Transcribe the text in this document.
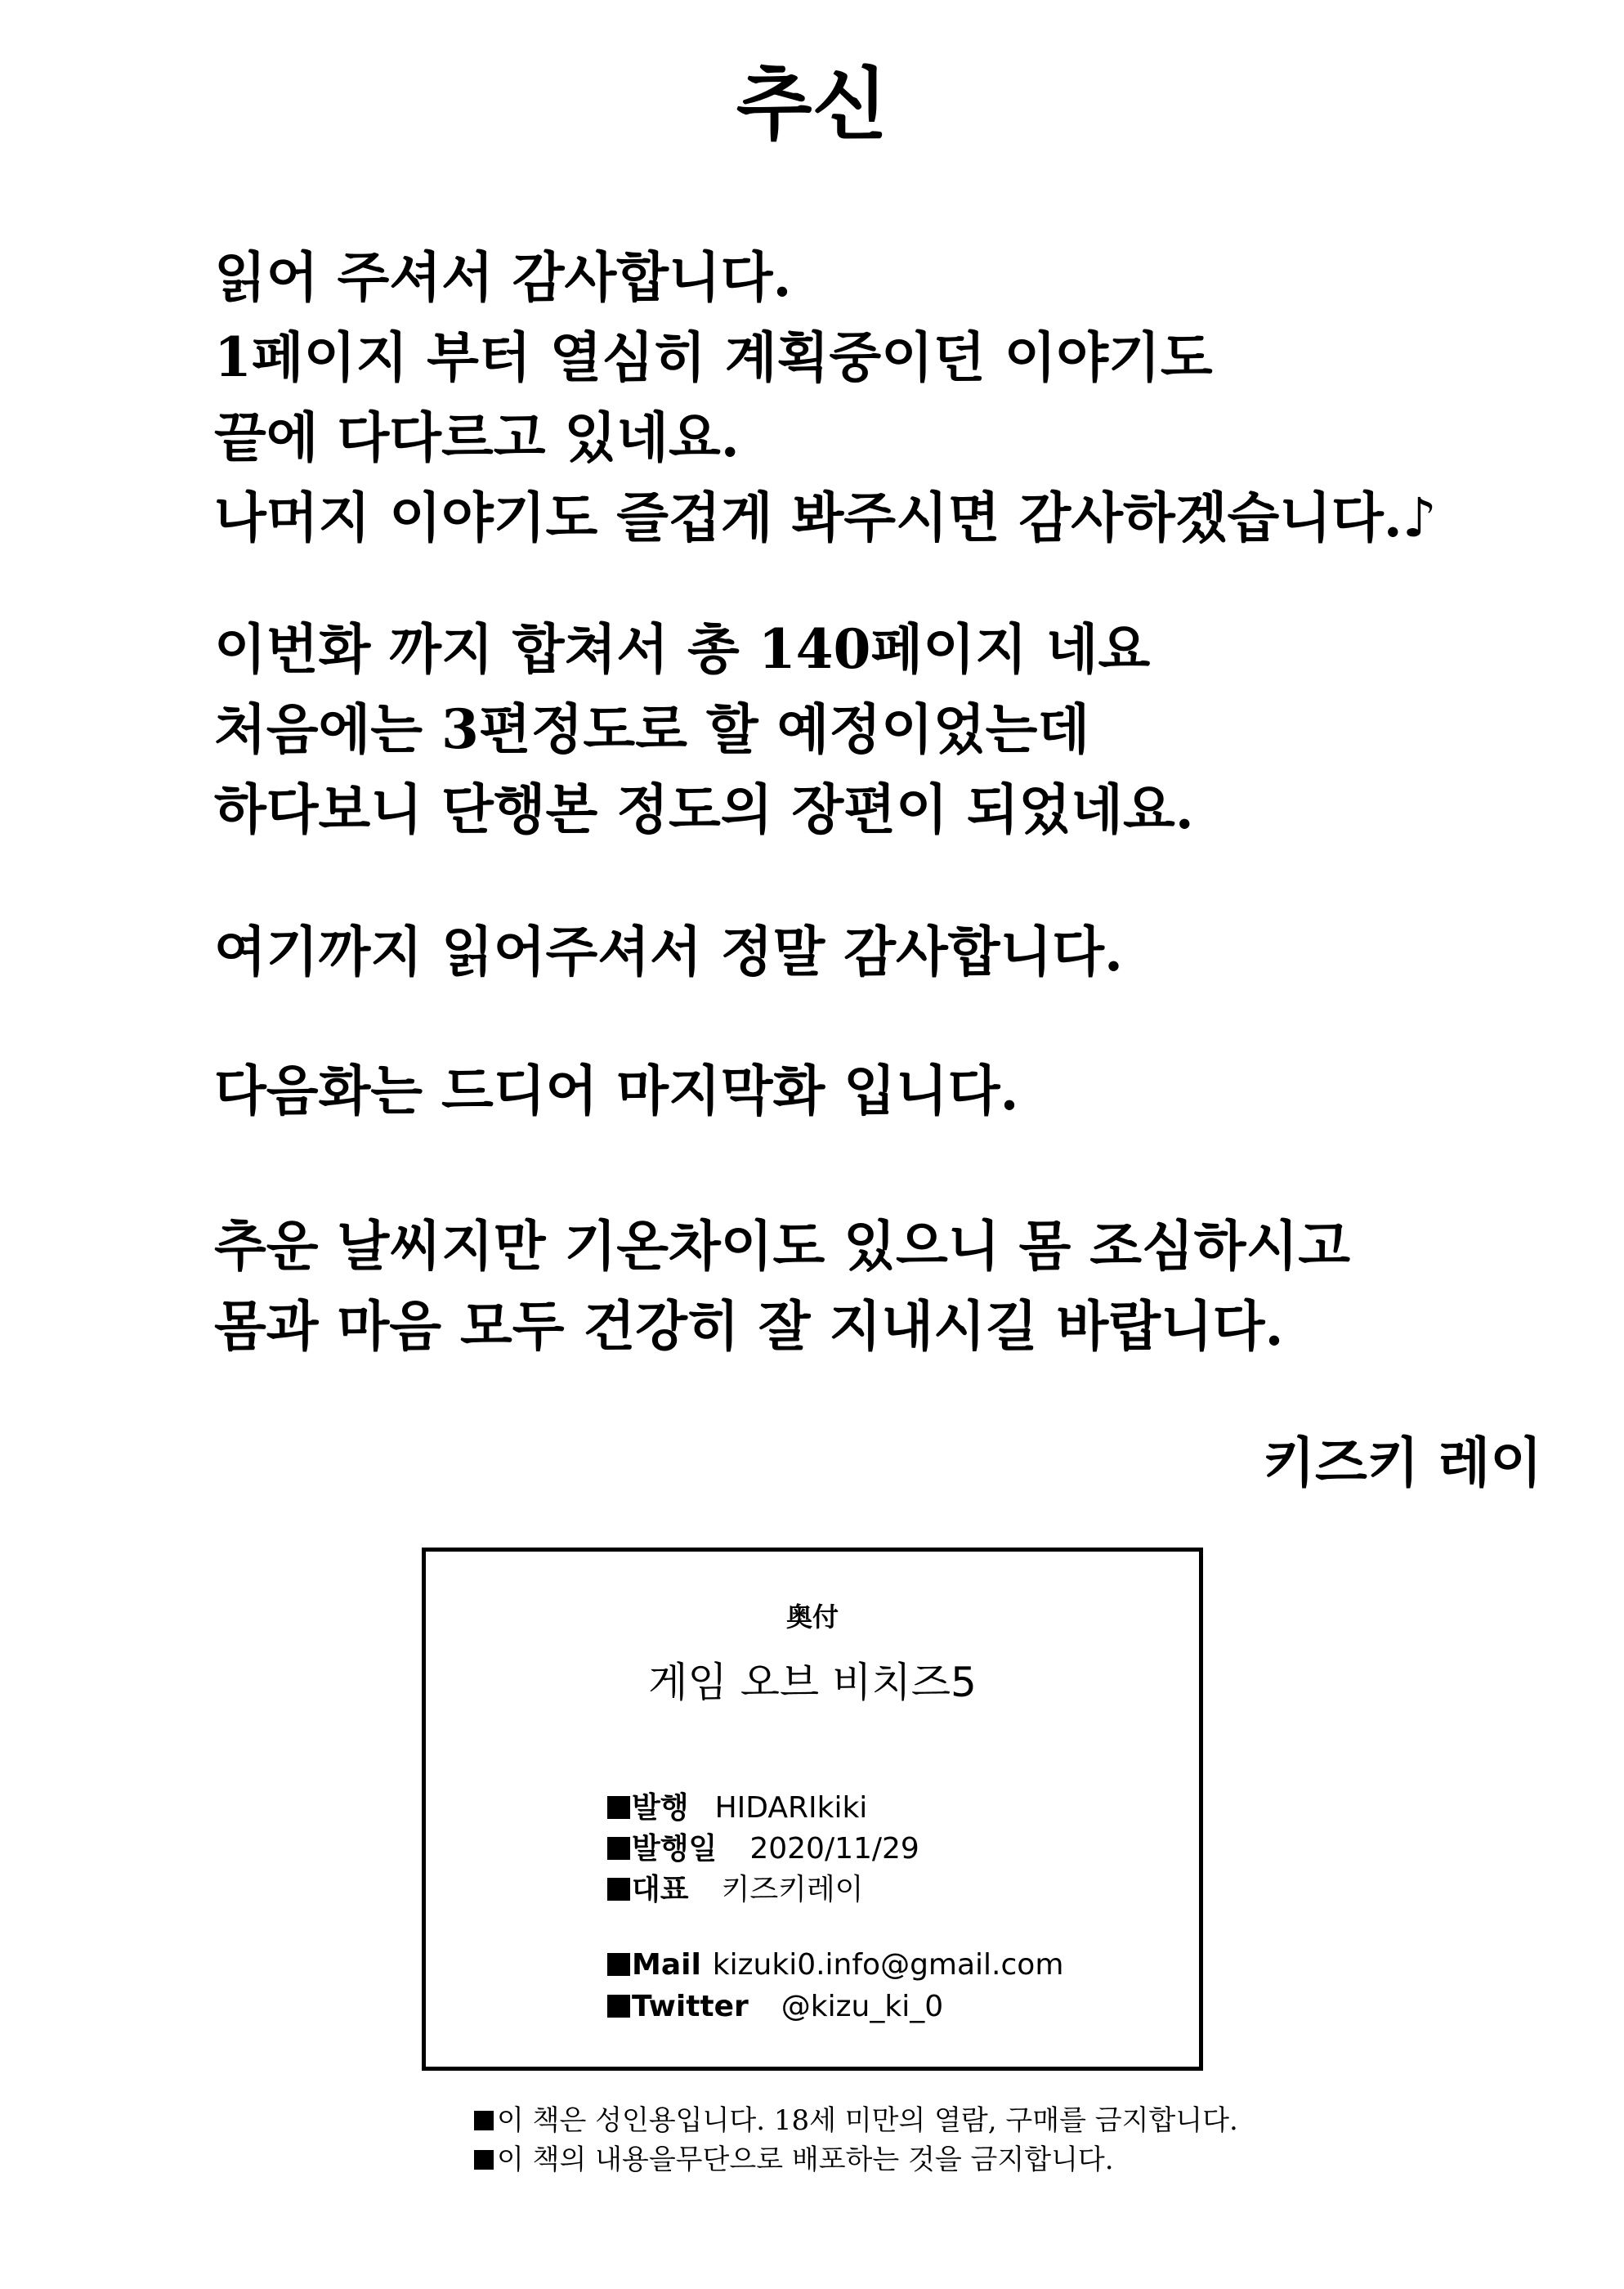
추신
읽어 주셔서 감사합니다.
1페이지 부터 열심히 계획중이던 이야기도
끝에 다다르고 있네요.
나머지 이야기도 즐겁게 봐주시면 감사하겠습니다.♪
이번화 까지 합쳐서 총 140페이지 네요
처음에는 3편정도로 할 예정이었는데
하다보니 단행본 정도의 장편이 되었네요.
여기까지 읽어주셔서 정말 감사합니다.
다음화는 드디어 마지막화 입니다.
추운 날씨지만 기온차이도 있으니 몸 조심하시고
몸과 마음 모두 건강히 잘 지내시길 바랍니다.
키즈키 레이
奥付
게임 오브 비치즈5
발행 HIDARIkiki
발행일 2020/11/29
대표 키즈키레이
Mail kizuki0.info@gmail.com
Twitter @kizu_ki_0
이 책은 성인용입니다. 18세 미만의 열람, 구매를 금지합니다.
이 책의 내용을무단으로 배포하는 것을 금지합니다.
